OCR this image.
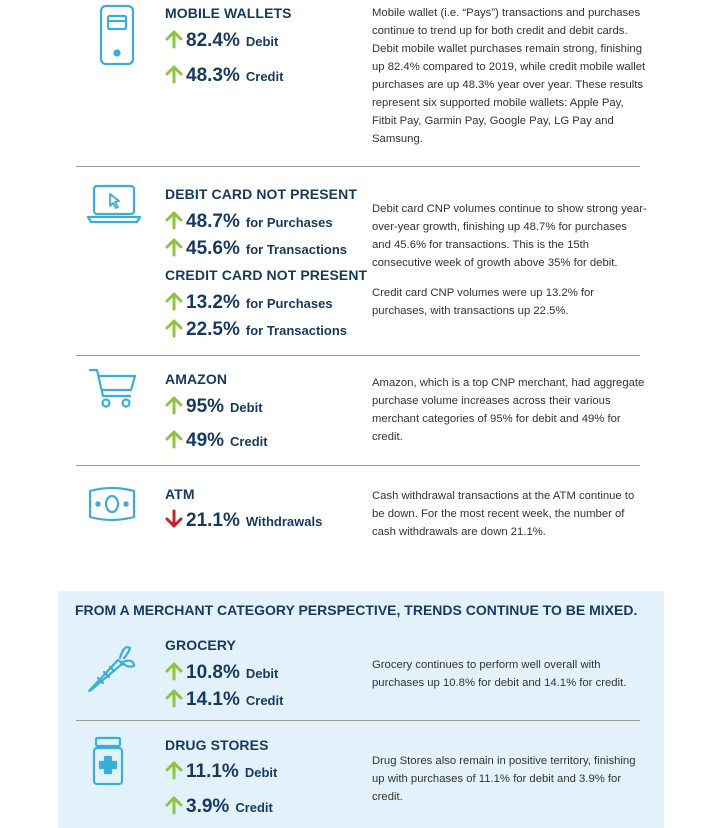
MOBILE WALLETS
82.4% Debit
48.3% Credit
Mobile wallet (i.e. “Pays”) transactions and purchases continue to trend up for both credit and debit cards. Debit mobile wallet purchases remain strong, finishing up 82.4% compared to 2019, while credit mobile wallet purchases are up 48.3% year over year. These results represent six supported mobile wallets: Apple Pay, Fitbit Pay, Garmin Pay, Google Pay, LG Pay and Samsung.
DEBIT CARD NOT PRESENT
48.7% for Purchases
45.6% for Transactions
CREDIT CARD NOT PRESENT
13.2% for Purchases
22.5% for Transactions
Debit card CNP volumes continue to show strong year-over-year growth, finishing up 48.7% for purchases and 45.6% for transactions. This is the 15th consecutive week of growth above 35% for debit.
Credit card CNP volumes were up 13.2% for purchases, with transactions up 22.5%.
AMAZON
95% Debit
49% Credit
Amazon, which is a top CNP merchant, had aggregate purchase volume increases across their various merchant categories of 95% for debit and 49% for credit.
ATM
21.1% Withdrawals
Cash withdrawal transactions at the ATM continue to be down. For the most recent week, the number of cash withdrawals are down 21.1%.
FROM A MERCHANT CATEGORY PERSPECTIVE, TRENDS CONTINUE TO BE MIXED.
GROCERY
10.8% Debit
14.1% Credit
Grocery continues to perform well overall with purchases up 10.8% for debit and 14.1% for credit.
DRUG STORES
11.1% Debit
3.9% Credit
Drug Stores also remain in positive territory, finishing up with purchases of 11.1% for debit and 3.9% for credit.
